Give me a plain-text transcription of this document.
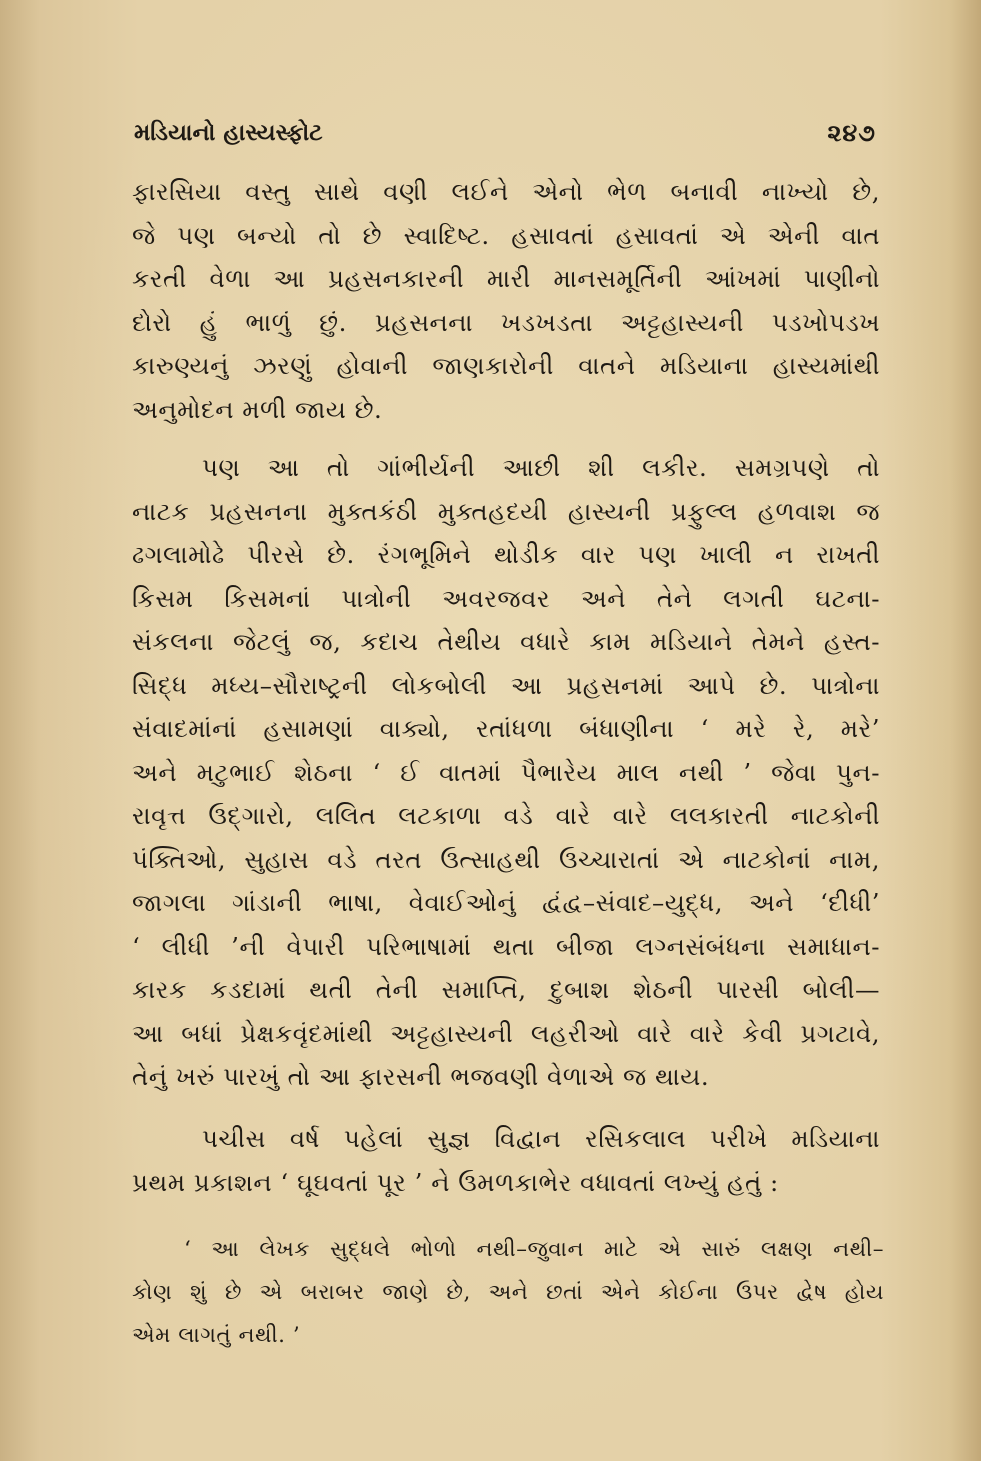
મડિયાનો હાસ્યસ્ફોટ	૨૪૭
ફારસિયા વસ્તુ સાથે વણી લઈને એનો ભેળ બનાવી નાખ્યો છે,
જે પણ બન્યો તો છે સ્વાદિષ્ટ. હસાવતાં હસાવતાં એ એની વાત
કરતી વેળા આ પ્રહસનકારની મારી માનસમૂર્તિની આંખમાં પાણીનો
દોરો હું ભાળું છું. પ્રહસનના ખડખડતા અટ્ટહાસ્યની પડખોપડખ
કારુણ્યનું ઝરણું હોવાની જાણકારોની વાતને મડિયાના હાસ્યમાંથી
અનુમોદન મળી જાય છે.
પણ આ તો ગાંભીર્યની આછી શી લકીર. સમગ્રપણે તો
નાટક પ્રહસનના મુક્તકંઠી મુક્તહદયી હાસ્યની પ્રફુલ્લ હળવાશ જ
ઢગલામોઢે પીરસે છે. રંગભૂમિને થોડીક વાર પણ ખાલી ન રાખતી
કિસમ કિસમનાં પાત્રોની અવરજવર અને તેને લગતી ઘટના-
સંકલના જેટલું જ, કદાચ તેથીય વધારે કામ મડિયાને તેમને હસ્ત-
સિદ્ધ મધ્ય–સૌરાષ્ટ્રની લોકબોલી આ પ્રહસનમાં આપે છે. પાત્રોના
સંવાદમાંનાં હસામણાં વાક્યો, રતાંધળા બંધાણીના ‘ મરે રે, મરે’
અને મટુભાઈ શેઠના ‘ ઈ વાતમાં પૈભારેય માલ નથી ’ જેવા પુન-
રાવૃત્ત ઉદ્ગારો, લલિત લટકાળા વડે વારે વારે લલકારતી નાટકોની
પંક્તિઓ, સુહાસ વડે તરત ઉત્સાહથી ઉચ્ચારાતાં એ નાટકોનાં નામ,
જાગલા ગાંડાની ભાષા, વેવાઈઓનું દ્વંદ્વ–સંવાદ–યુદ્ધ, અને ‘દીધી’
‘ લીધી ’ની વેપારી પરિભાષામાં થતા બીજા લગ્નસંબંધના સમાધાન-
કારક કડદામાં થતી તેની સમાપ્તિ, દુબાશ શેઠની પારસી બોલી—
આ બધાં પ્રેક્ષકવૃંદમાંથી અટ્ટહાસ્યની લહરીઓ વારે વારે કેવી પ્રગટાવે,
તેનું ખરું પારખું તો આ ફારસની ભજવણી વેળાએ જ થાય.
પચીસ વર્ષ પહેલાં સુજ્ઞ વિદ્વાન રસિકલાલ પરીખે મડિયાના
પ્રથમ પ્રકાશન ‘ ઘૂઘવતાં પૂર ’ ને ઉમળકાભેર વધાવતાં લખ્યું હતું :
‘ આ લેખક સુદ્ધલે ભોળો નથી–જુવાન માટે એ સારું લક્ષણ નથી–
કોણ શું છે એ બરાબર જાણે છે, અને છતાં એને કોઈના ઉપર દ્વેષ હોય
એમ લાગતું નથી. ’
